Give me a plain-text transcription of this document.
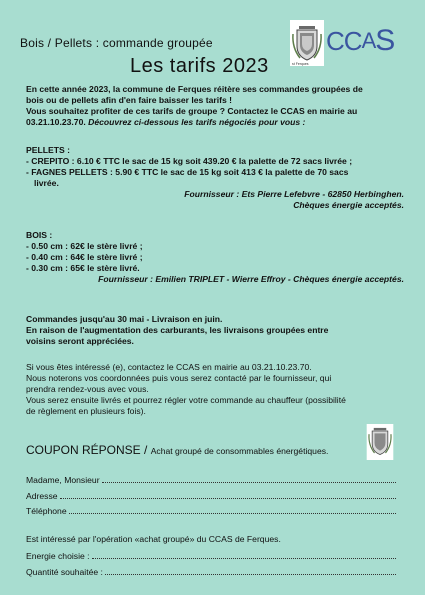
Bois / Pellets : commande groupée
Les tarifs 2023	st Ferques
CCAS
En cette année 2023, la commune de Ferques réitère ses commandes groupées de
bois ou de pellets afin d'en faire baisser les tarifs !
Vous souhaitez profiter de ces tarifs de groupe ? Contactez le CCAS en mairie au
03.21.10.23.70. Découvrez ci-dessous les tarifs négociés pour vous :
PELLETS :
- CREPITO : 6.10 € TTC le sac de 15 kg soit 439.20 € la palette de 72 sacs livrée ;
- FAGNES PELLETS : 5.90 € TTC le sac de 15 kg soit 413 € la palette de 70 sacs
livrée.
Fournisseur : Ets Pierre Lefebvre - 62850 Herbinghen.
Chèques énergie acceptés.
BOIS :
- 0.50 cm : 62€ le stère livré ;
- 0.40 cm : 64€ le stère livré ;
- 0.30 cm : 65€ le stère livré.
Fournisseur : Emilien TRIPLET - Wierre Effroy - Chèques énergie acceptés.
Commandes jusqu'au 30 mai - Livraison en juin.
En raison de l'augmentation des carburants, les livraisons groupées entre
voisins seront appréciées.
Si vous êtes intéressé (e), contactez le CCAS en mairie au 03.21.10.23.70.
Nous noterons vos coordonnées puis vous serez contacté par le fournisseur, qui
prendra rendez-vous avec vous.
Vous serez ensuite livrés et pourrez régler votre commande au chauffeur (possibilité
de règlement en plusieurs fois).
COUPON RÉPONSE / Achat groupé de consommables énergétiques.
Madame, Monsieur
Adresse
Téléphone
Est intéressé par l'opération «achat groupé» du CCAS de Ferques.
Energie choisie :
Quantité souhaitée :
